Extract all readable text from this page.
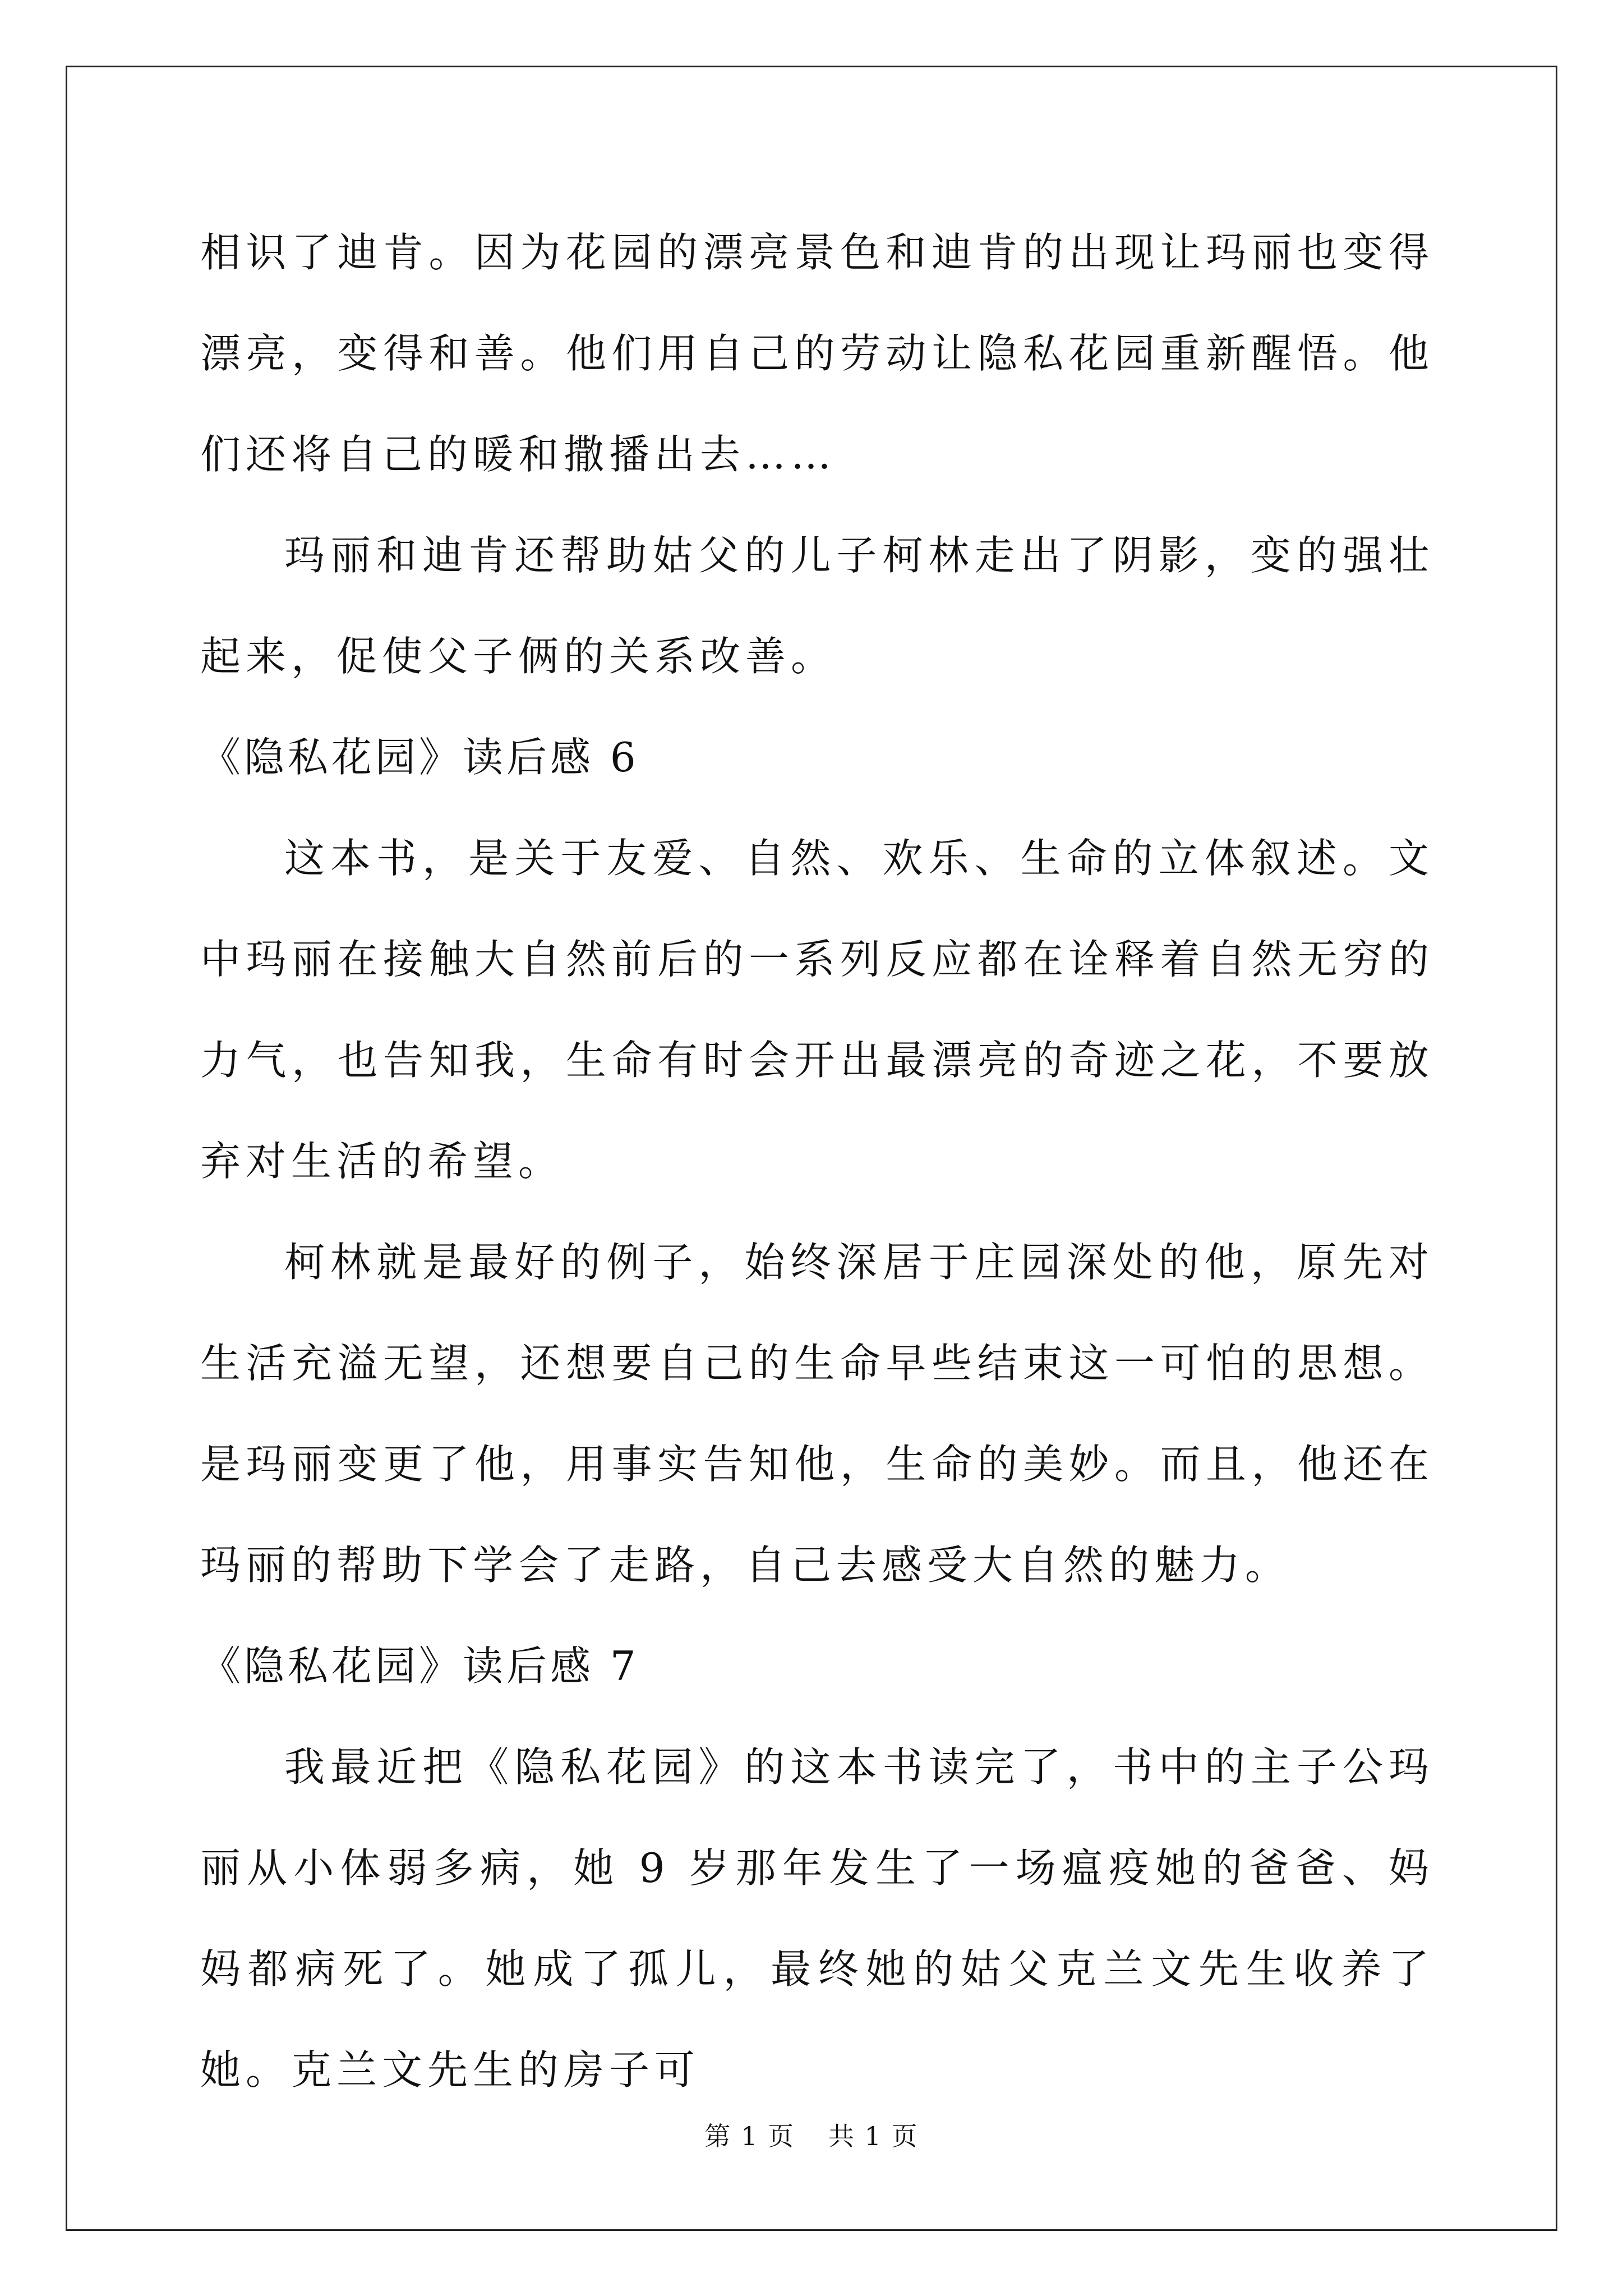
相识了迪肯。因为花园的漂亮景色和迪肯的出现让玛丽也变得漂亮，变得和善。他们用自己的劳动让隐私花园重新醒悟。他们还将自己的暖和撒播出去……

玛丽和迪肯还帮助姑父的儿子柯林走出了阴影，变的强壮起来，促使父子俩的关系改善。

《隐私花园》读后感 6

这本书，是关于友爱、自然、欢乐、生命的立体叙述。文中玛丽在接触大自然前后的一系列反应都在诠释着自然无穷的力气，也告知我，生命有时会开出最漂亮的奇迹之花，不要放弃对生活的希望。

柯林就是最好的例子，始终深居于庄园深处的他，原先对生活充溢无望，还想要自己的生命早些结束这一可怕的思想。是玛丽变更了他，用事实告知他，生命的美妙。而且，他还在玛丽的帮助下学会了走路，自己去感受大自然的魅力。

《隐私花园》读后感 7

我最近把《隐私花园》的这本书读完了，书中的主子公玛丽从小体弱多病，她 9 岁那年发生了一场瘟疫她的爸爸、妈妈都病死了。她成了孤儿，最终她的姑父克兰文先生收养了她。克兰文先生的房子可

第 1 页 共 1 页
